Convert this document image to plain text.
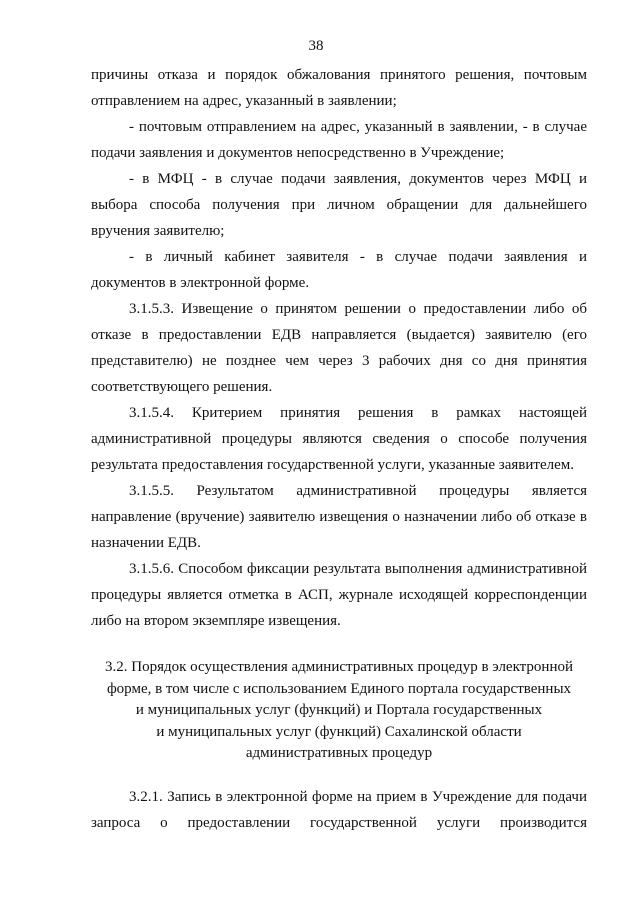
38

причины отказа и порядок обжалования принятого решения, почтовым отправлением на адрес, указанный в заявлении;

- почтовым отправлением на адрес, указанный в заявлении, - в случае подачи заявления и документов непосредственно в Учреждение;

- в МФЦ - в случае подачи заявления, документов через МФЦ и выбора способа получения при личном обращении для дальнейшего вручения заявителю;

- в личный кабинет заявителя - в случае подачи заявления и документов в электронной форме.

3.1.5.3. Извещение о принятом решении о предоставлении либо об отказе в предоставлении ЕДВ направляется (выдается) заявителю (его представителю) не позднее чем через 3 рабочих дня со дня принятия соответствующего решения.

3.1.5.4. Критерием принятия решения в рамках настоящей административной процедуры являются сведения о способе получения результата предоставления государственной услуги, указанные заявителем.

3.1.5.5. Результатом административной процедуры является направление (вручение) заявителю извещения о назначении либо об отказе в назначении ЕДВ.

3.1.5.6. Способом фиксации результата выполнения административной процедуры является отметка в АСП, журнале исходящей корреспонденции либо на втором экземпляре извещения.

3.2. Порядок осуществления административных процедур в электронной
форме, в том числе с использованием Единого портала государственных
и муниципальных услуг (функций) и Портала государственных
и муниципальных услуг (функций) Сахалинской области
административных процедур

3.2.1. Запись в электронной форме на прием в Учреждение для подачи запроса о предоставлении государственной услуги производится
